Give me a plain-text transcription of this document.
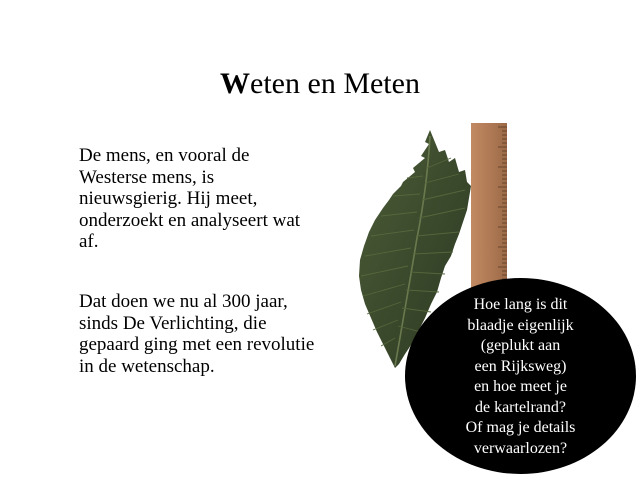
Weten en Meten
De mens, en vooral de Westerse mens, is nieuwsgierig. Hij meet, onderzoekt en analyseert wat af.
Dat doen we nu al 300 jaar, sinds De Verlichting, die gepaard ging met een revolutie in de wetenschap.
Hoe lang is dit
blaadje eigenlijk
(geplukt aan
een Rijksweg)
en hoe meet je
de kartelrand?
Of mag je details
verwaarlozen?
